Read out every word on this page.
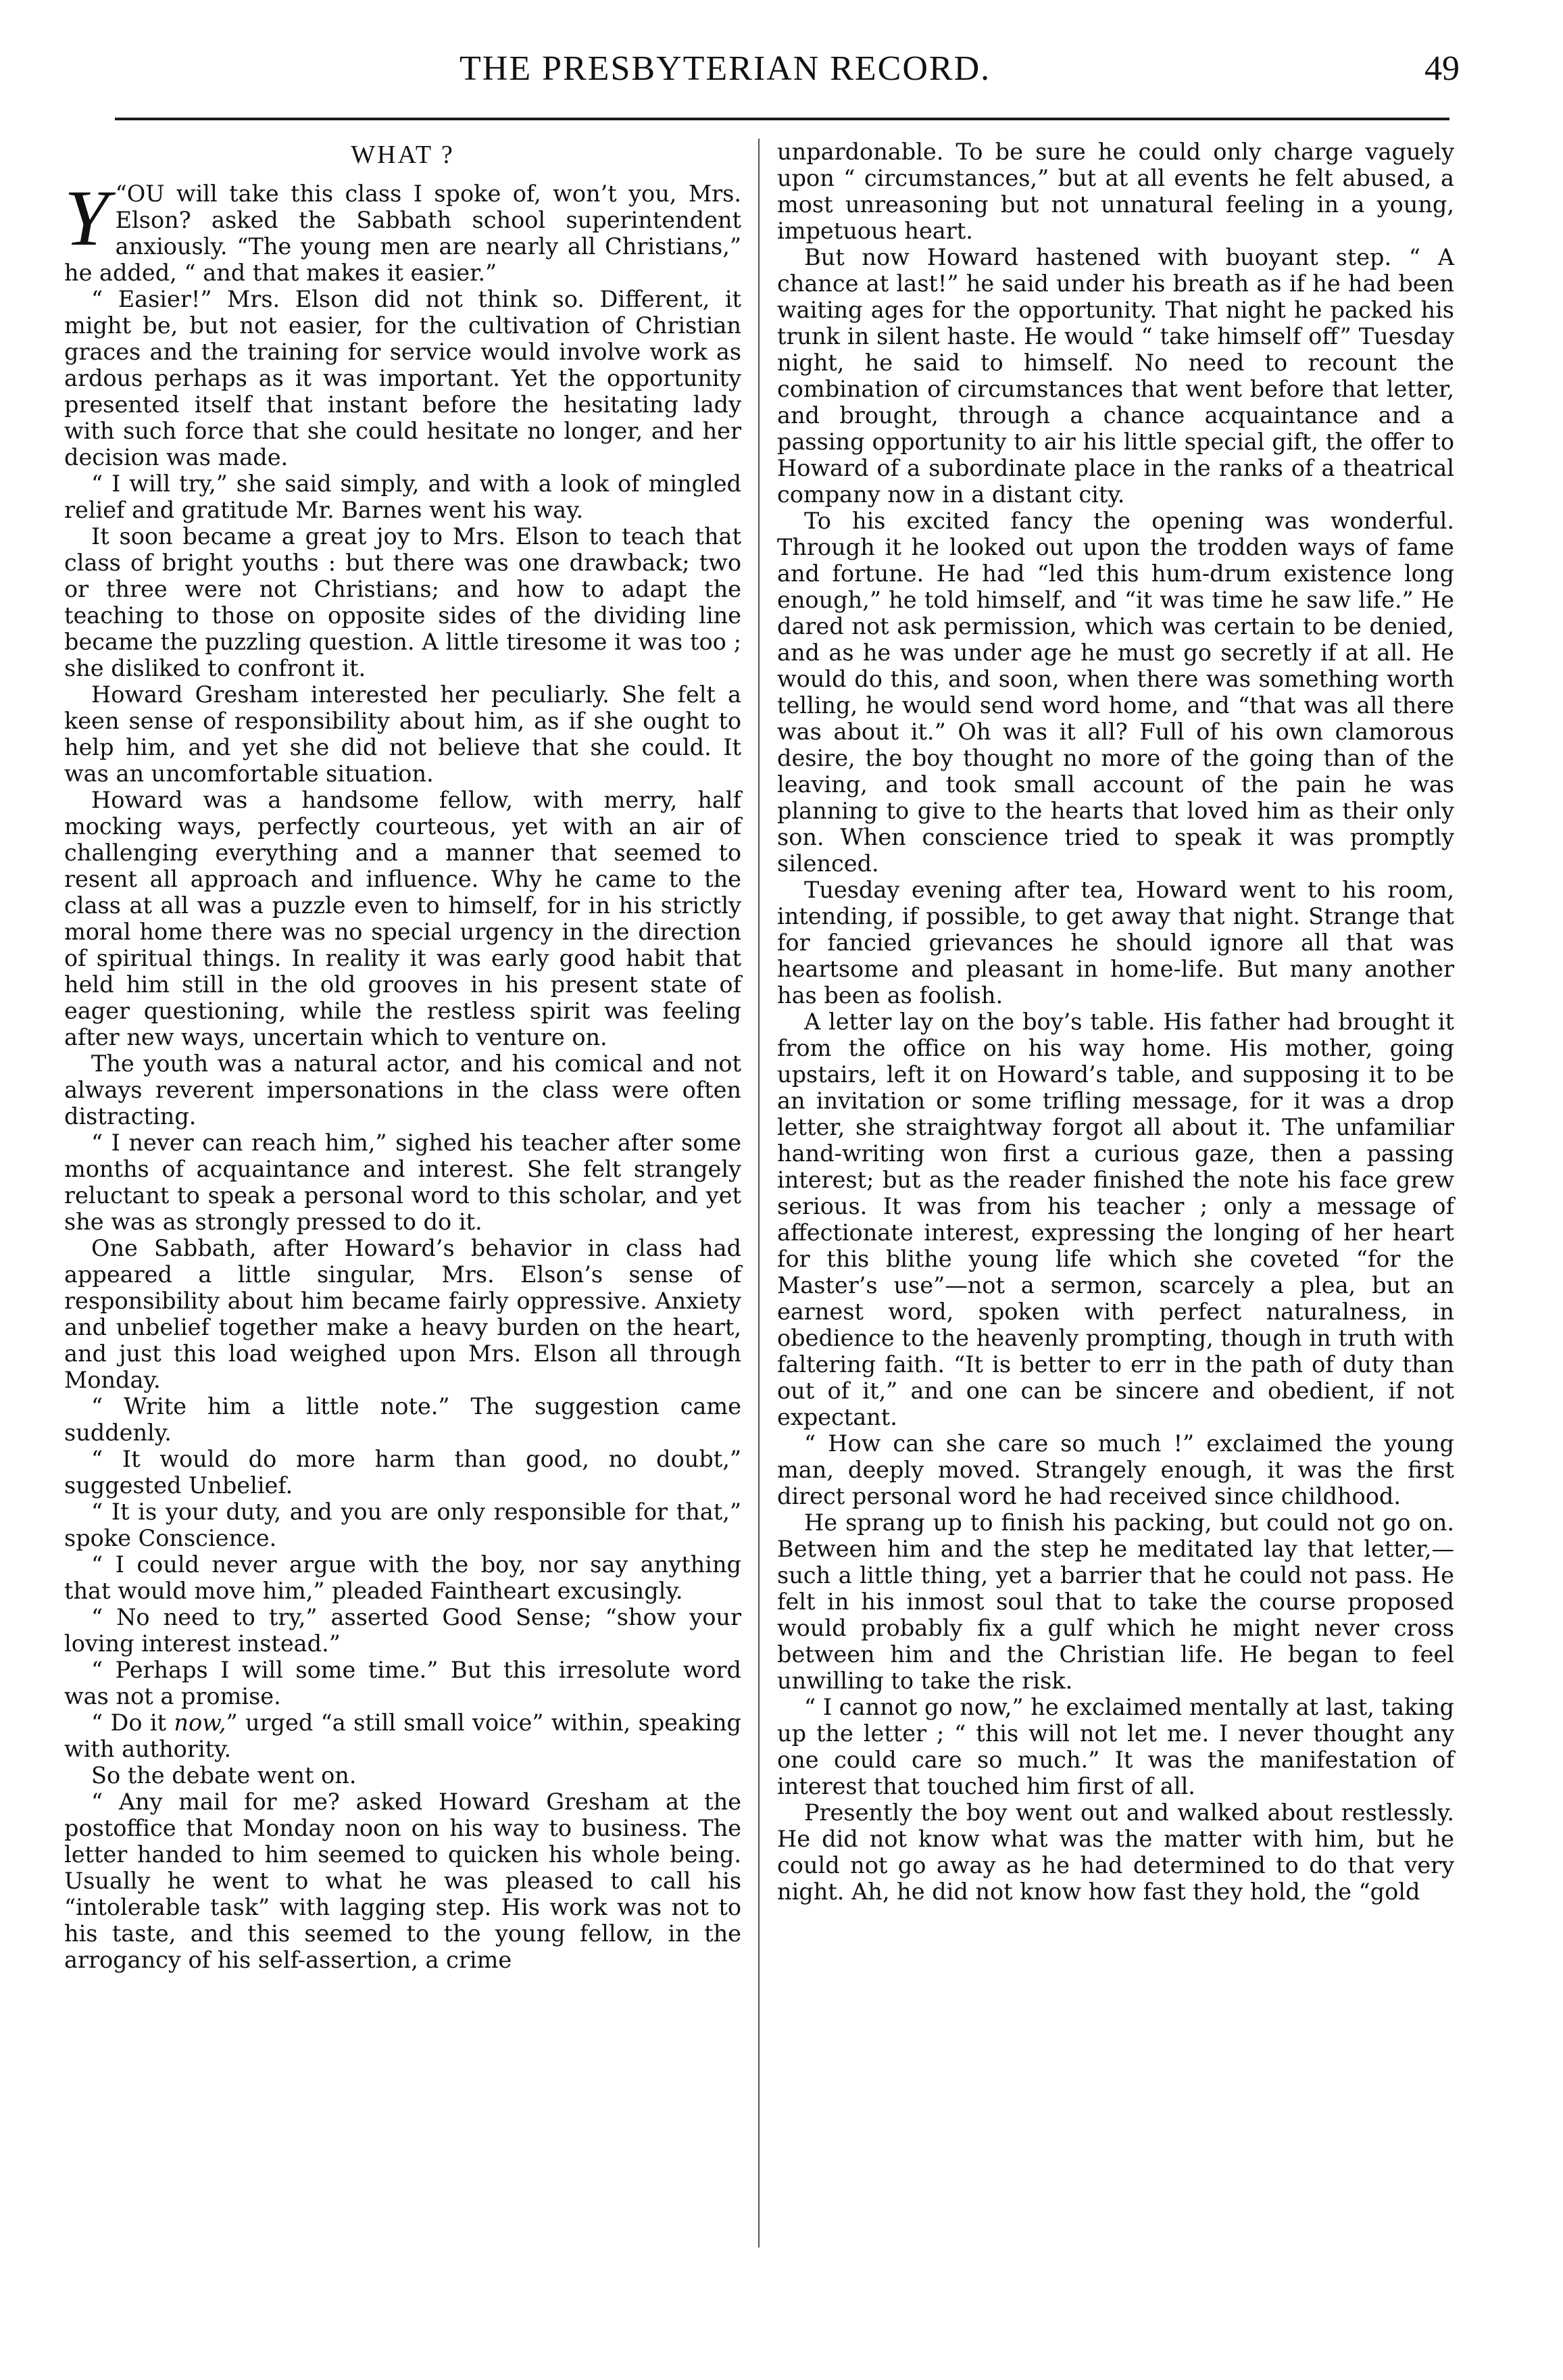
THE PRESBYTERIAN RECORD.	49
WHAT ?

“
Y OU will take this class I spoke of, won’t you, Mrs. Elson? asked the Sabbath school superintendent anxiously. “The young men are nearly all Christians,” he added, “ and that makes it easier.”

“ Easier!” Mrs. Elson did not think so. Different, it might be, but not easier, for the cultivation of Christian graces and the training for service would involve work as ardous perhaps as it was important. Yet the opportunity presented itself that instant before the hesitating lady with such force that she could hesitate no longer, and her decision was made.

“ I will try,” she said simply, and with a look of mingled relief and gratitude Mr. Barnes went his way.

It soon became a great joy to Mrs. Elson to teach that class of bright youths : but there was one drawback; two or three were not Christians; and how to adapt the teaching to those on opposite sides of the dividing line became the puzzling question. A little tiresome it was too ; she disliked to confront it.

Howard Gresham interested her peculiarly. She felt a keen sense of responsibility about him, as if she ought to help him, and yet she did not believe that she could. It was an uncomfortable situation.

Howard was a handsome fellow, with merry, half mocking ways, perfectly courteous, yet with an air of challenging everything and a manner that seemed to resent all approach and influence. Why he came to the class at all was a puzzle even to himself, for in his strictly moral home there was no special urgency in the direction of spiritual things. In reality it was early good habit that held him still in the old grooves in his present state of eager questioning, while the restless spirit was feeling after new ways, uncertain which to venture on.

The youth was a natural actor, and his comical and not always reverent impersonations in the class were often distracting.

“ I never can reach him,” sighed his teacher after some months of acquaintance and interest. She felt strangely reluctant to speak a personal word to this scholar, and yet she was as strongly pressed to do it.

One Sabbath, after Howard’s behavior in class had appeared a little singular, Mrs. Elson’s sense of responsibility about him became fairly oppressive. Anxiety and unbelief together make a heavy burden on the heart, and just this load weighed upon Mrs. Elson all through Monday.

“ Write him a little note.” The suggestion came suddenly.

“ It would do more harm than good, no doubt,” suggested Unbelief.

“ It is your duty, and you are only responsible for that,” spoke Conscience.

“ I could never argue with the boy, nor say anything that would move him,” pleaded Faintheart excusingly.

“ No need to try,” asserted Good Sense; “show your loving interest instead.”

“ Perhaps I will some time.” But this irresolute word was not a promise.

“ Do it now,” urged “a still small voice” within, speaking with authority.

So the debate went on.

“ Any mail for me? asked Howard Gresham at the postoffice that Monday noon on his way to business. The letter handed to him seemed to quicken his whole being. Usually he went to what he was pleased to call his “intolerable task” with lagging step. His work was not to his taste, and this seemed to the young fellow, in the arrogancy of his self-assertion, a crime

unpardonable. To be sure he could only charge vaguely upon “ circumstances,” but at all events he felt abused, a most unreasoning but not unnatural feeling in a young, impetuous heart.

But now Howard hastened with buoyant step. “ A chance at last!” he said under his breath as if he had been waiting ages for the opportunity. That night he packed his trunk in silent haste. He would “ take himself off” Tuesday night, he said to himself. No need to recount the combination of circumstances that went before that letter, and brought, through a chance acquaintance and a passing opportunity to air his little special gift, the offer to Howard of a subordinate place in the ranks of a theatrical company now in a distant city.

To his excited fancy the opening was wonderful. Through it he looked out upon the trodden ways of fame and fortune. He had “led this hum-drum existence long enough,” he told himself, and “it was time he saw life.” He dared not ask permission, which was certain to be denied, and as he was under age he must go secretly if at all. He would do this, and soon, when there was something worth telling, he would send word home, and “that was all there was about it.” Oh was it all? Full of his own clamorous desire, the boy thought no more of the going than of the leaving, and took small account of the pain he was planning to give to the hearts that loved him as their only son. When conscience tried to speak it was promptly silenced.

Tuesday evening after tea, Howard went to his room, intending, if possible, to get away that night. Strange that for fancied grievances he should ignore all that was heartsome and pleasant in home-life. But many another has been as foolish.

A letter lay on the boy’s table. His father had brought it from the office on his way home. His mother, going upstairs, left it on Howard’s table, and supposing it to be an invitation or some trifling message, for it was a drop letter, she straightway forgot all about it. The unfamiliar hand-writing won first a curious gaze, then a passing interest; but as the reader finished the note his face grew serious. It was from his teacher ; only a message of affectionate interest, expressing the longing of her heart for this blithe young life which she coveted “for the Master’s use”—not a sermon, scarcely a plea, but an earnest word, spoken with perfect naturalness, in obedience to the heavenly prompting, though in truth with faltering faith. “It is better to err in the path of duty than out of it,” and one can be sincere and obedient, if not expectant.

“ How can she care so much !” exclaimed the young man, deeply moved. Strangely enough, it was the first direct personal word he had received since childhood.

He sprang up to finish his packing, but could not go on. Between him and the step he meditated lay that letter,—such a little thing, yet a barrier that he could not pass. He felt in his inmost soul that to take the course proposed would probably fix a gulf which he might never cross between him and the Christian life. He began to feel unwilling to take the risk.

“ I cannot go now,” he exclaimed mentally at last, taking up the letter ; “ this will not let me. I never thought any one could care so much.” It was the manifestation of interest that touched him first of all.

Presently the boy went out and walked about restlessly. He did not know what was the matter with him, but he could not go away as he had determined to do that very night. Ah, he did not know how fast they hold, the “gold
